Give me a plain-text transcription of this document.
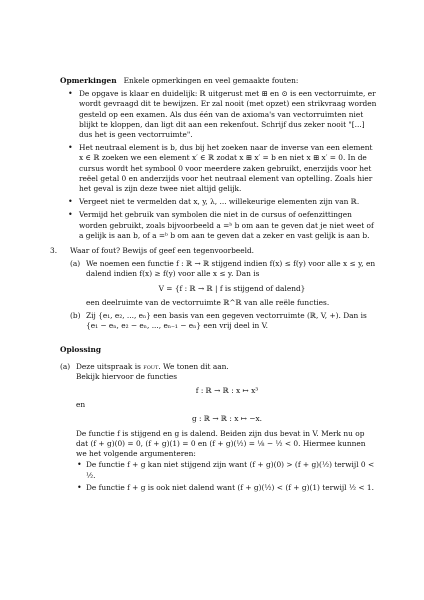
Opmerkingen Enkele opmerkingen en veel gemaakte fouten:

• De opgave is klaar en duidelijk: ℝ uitgerust met ⊞ en ⊙ is een vectorruimte, er wordt gevraagd dit te bewijzen. Er zal nooit (met opzet) een strikvraag worden gesteld op een examen. Als dus één van de axioma's van vectorruimten niet blijkt te kloppen, dan ligt dit aan een rekenfout. Schrijf dus zeker nooit "[...] dus het is geen vectorruimte".
• Het neutraal element is b, dus bij het zoeken naar de inverse van een element x ∈ ℝ zoeken we een element x′ ∈ ℝ zodat x ⊞ x′ = b en niet x ⊞ x′ = 0. In de cursus wordt het symbool 0 voor meerdere zaken gebruikt, enerzijds voor het reëel getal 0 en anderzijds voor het neutraal element van optelling. Zoals hier het geval is zijn deze twee niet altijd gelijk.
• Vergeet niet te vermelden dat x, y, λ, ... willekeurige elementen zijn van ℝ.
• Vermijd het gebruik van symbolen die niet in de cursus of oefenzittingen worden gebruikt, zoals bijvoorbeeld a =ᵇ b om aan te geven dat je niet weet of a gelijk is aan b, of a =ᵇ b om aan te geven dat a zeker en vast gelijk is aan b.
3. Waar of fout? Bewijs of geef een tegenvoorbeeld.
(a) We noemen een functie f : ℝ → ℝ stijgend indien f(x) ≤ f(y) voor alle x ≤ y, en dalend indien f(x) ≥ f(y) voor alle x ≤ y. Dan is
V = {f : ℝ → ℝ | f is stijgend of dalend}
een deelruimte van de vectorruimte ℝ^ℝ van alle reële functies.
(b) Zij {e₁, e₂, ..., eₙ} een basis van een gegeven vectorruimte (ℝ, V, +). Dan is {e₁ − eₙ, e₂ − eₙ, ..., eₙ₋₁ − eₙ} een vrij deel in V.

Oplossing

(a) Deze uitspraak is fout. We tonen dit aan.
Bekijk hiervoor de functies
f : ℝ → ℝ : x ↦ x³
en
g : ℝ → ℝ : x ↦ −x.
De functie f is stijgend en g is dalend. Beiden zijn dus bevat in V. Merk nu op dat (f + g)(0) = 0, (f + g)(1) = 0 en (f + g)(½) = ⅛ − ½ < 0. Hiermee kunnen we het volgende argumenteren:
• De functie f + g kan niet stijgend zijn want (f + g)(0) > (f + g)(½) terwijl 0 < ½.
• De functie f + g is ook niet dalend want (f + g)(½) < (f + g)(1) terwijl ½ < 1.
